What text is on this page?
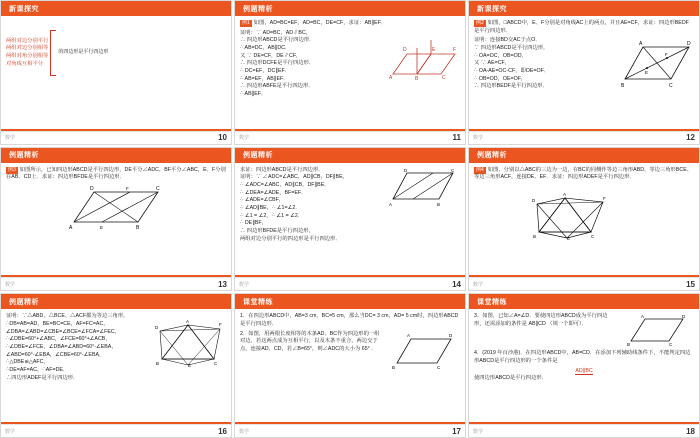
新课探究
两组对边分别平行
两组对边分别相等
两组对角分别相等
对角线互相平分
的四边形是平行四边形
数学	10
例题精析
例1 如图，AD=BC=EF，AD=BC，DE=CF，求证：AB∥EF．
证明：∵ AD=BC，AD∥BC，
∴ 四边形ABCD是平行四边形．
∴ AB=DC，AB∥DC．
又 ∵ DE=CF，DE∥CF，
∴ 四边形DCFE是平行四边形．
∴ DC=EF，DC∥EF．
∴ AB=EF，AB∥EF．
∴ 四边形ABFE是平行四边形．
∴ AB∥EF．
A	B	C
D	E	F
数学	11
新课探究
例2 如图，□ABCD中，E、F分别是对角线AC上的两点，并且AE=CF，求证：四边形BEDF是平行四边形．
证明：连接BD交AC于点O．
∵ 四边形ABCD是平行四边形，
∴ OA=OC，OB=OD．
又 ∵ AE=CF，
∴ OA-AE=OC-CF，即OE=OF．
∴ OB=OD，OE=OF，
∴ 四边形BEDF是平行四边形．	B	C
A	D
E
F
数学	12
例题精析
例3 如图所示，已知四边形ABCD是平行四边形，DE平分∠ADC，BF平分∠ABC，E、F分别在AB、CD上．求证：四边形BFDE是平行四边形．
A	B
D	C
F
E
数学	13
例题精析
求证：四边形ABCD是平行四边形．
证明：∵ ∠ADC=∠ABC，AD∥CB，DF∥BE，
∴ ∠ADC=∠ABC，AD∥CB，DF∥BE．
∴ ∠DEA=∠ADE，BF=EF．
∴ ∠ADE=∠CBF，
∴ ∠AD∥BE，∴ ∠1=∠2．
∴ ∠1 = ∠2，∴ ∠1 = ∠2．
∴ DE∥BF，
∴ 四边形BFDE是平行四边形，
两组对边分别平行的四边形是平行四边形．
A	B
D	C
数学	14
例题精析
例4 如图，分别以△ABC的三边为一边，在BC的同侧作等边三角形ABD、等边三角形BCE、等边三角形ACF，连接DE、EF．求证：四边形ADEF是平行四边形．
D
A
F
B	C
E
数学	15
例题精析
证明：∵△ABD、△BCE、△ACF都为等边三角形，
∴DB=AB=AD，BE=BC=CE，AF=FC=AC，
∠DBA=∠ABD=∠CBE=∠BCE=∠FCA=∠FEC，
∴∠DBE=60°+∠ABC，∠FCE=60°+∠ACB，
∴∠DBE=∠FCE，∠DBA=∠ABD=60°-∠EBA，
∠ABD=60°-∠EBA，∠CBE=60°-∠EBA，
∴△DBE≌△AFC，
∴DE=AF=AC，∴AF=DE．
∴四边形ADEF是平行四边形．
D
A
F
B	C
E
数学	16
课堂精练
1．在四边形ABCD中，AB=3 cm，BC=5 cm，那么当DC= 3 cm，AD= 5 cm时，四边形ABCD是平行四边形．
2．如图，用两根长度相等的木条AD、BC作为四边形的一组对边，若这两点成为互相平行，以及木条不重合，两边交于点，连接AD、CD，若∠B=65°，则∠ADC的大小为 65° ．
B	C
A	D
数学	17
课堂精练
3．如图，已知∠A=∠D．要使四边形ABCD成为平行四边形，还需添加的条件是 AB∥CD （填一个即可）．
B	C
A	D
4．(2019 年百沙港)．在四边形ABCD中，AB=CD．在添加下列辅助线条件下，不能判定四边形ABCD是平行四边形的一个条件是
AD∥BC
使四边形ABCD是平行四边形．
数学	18
